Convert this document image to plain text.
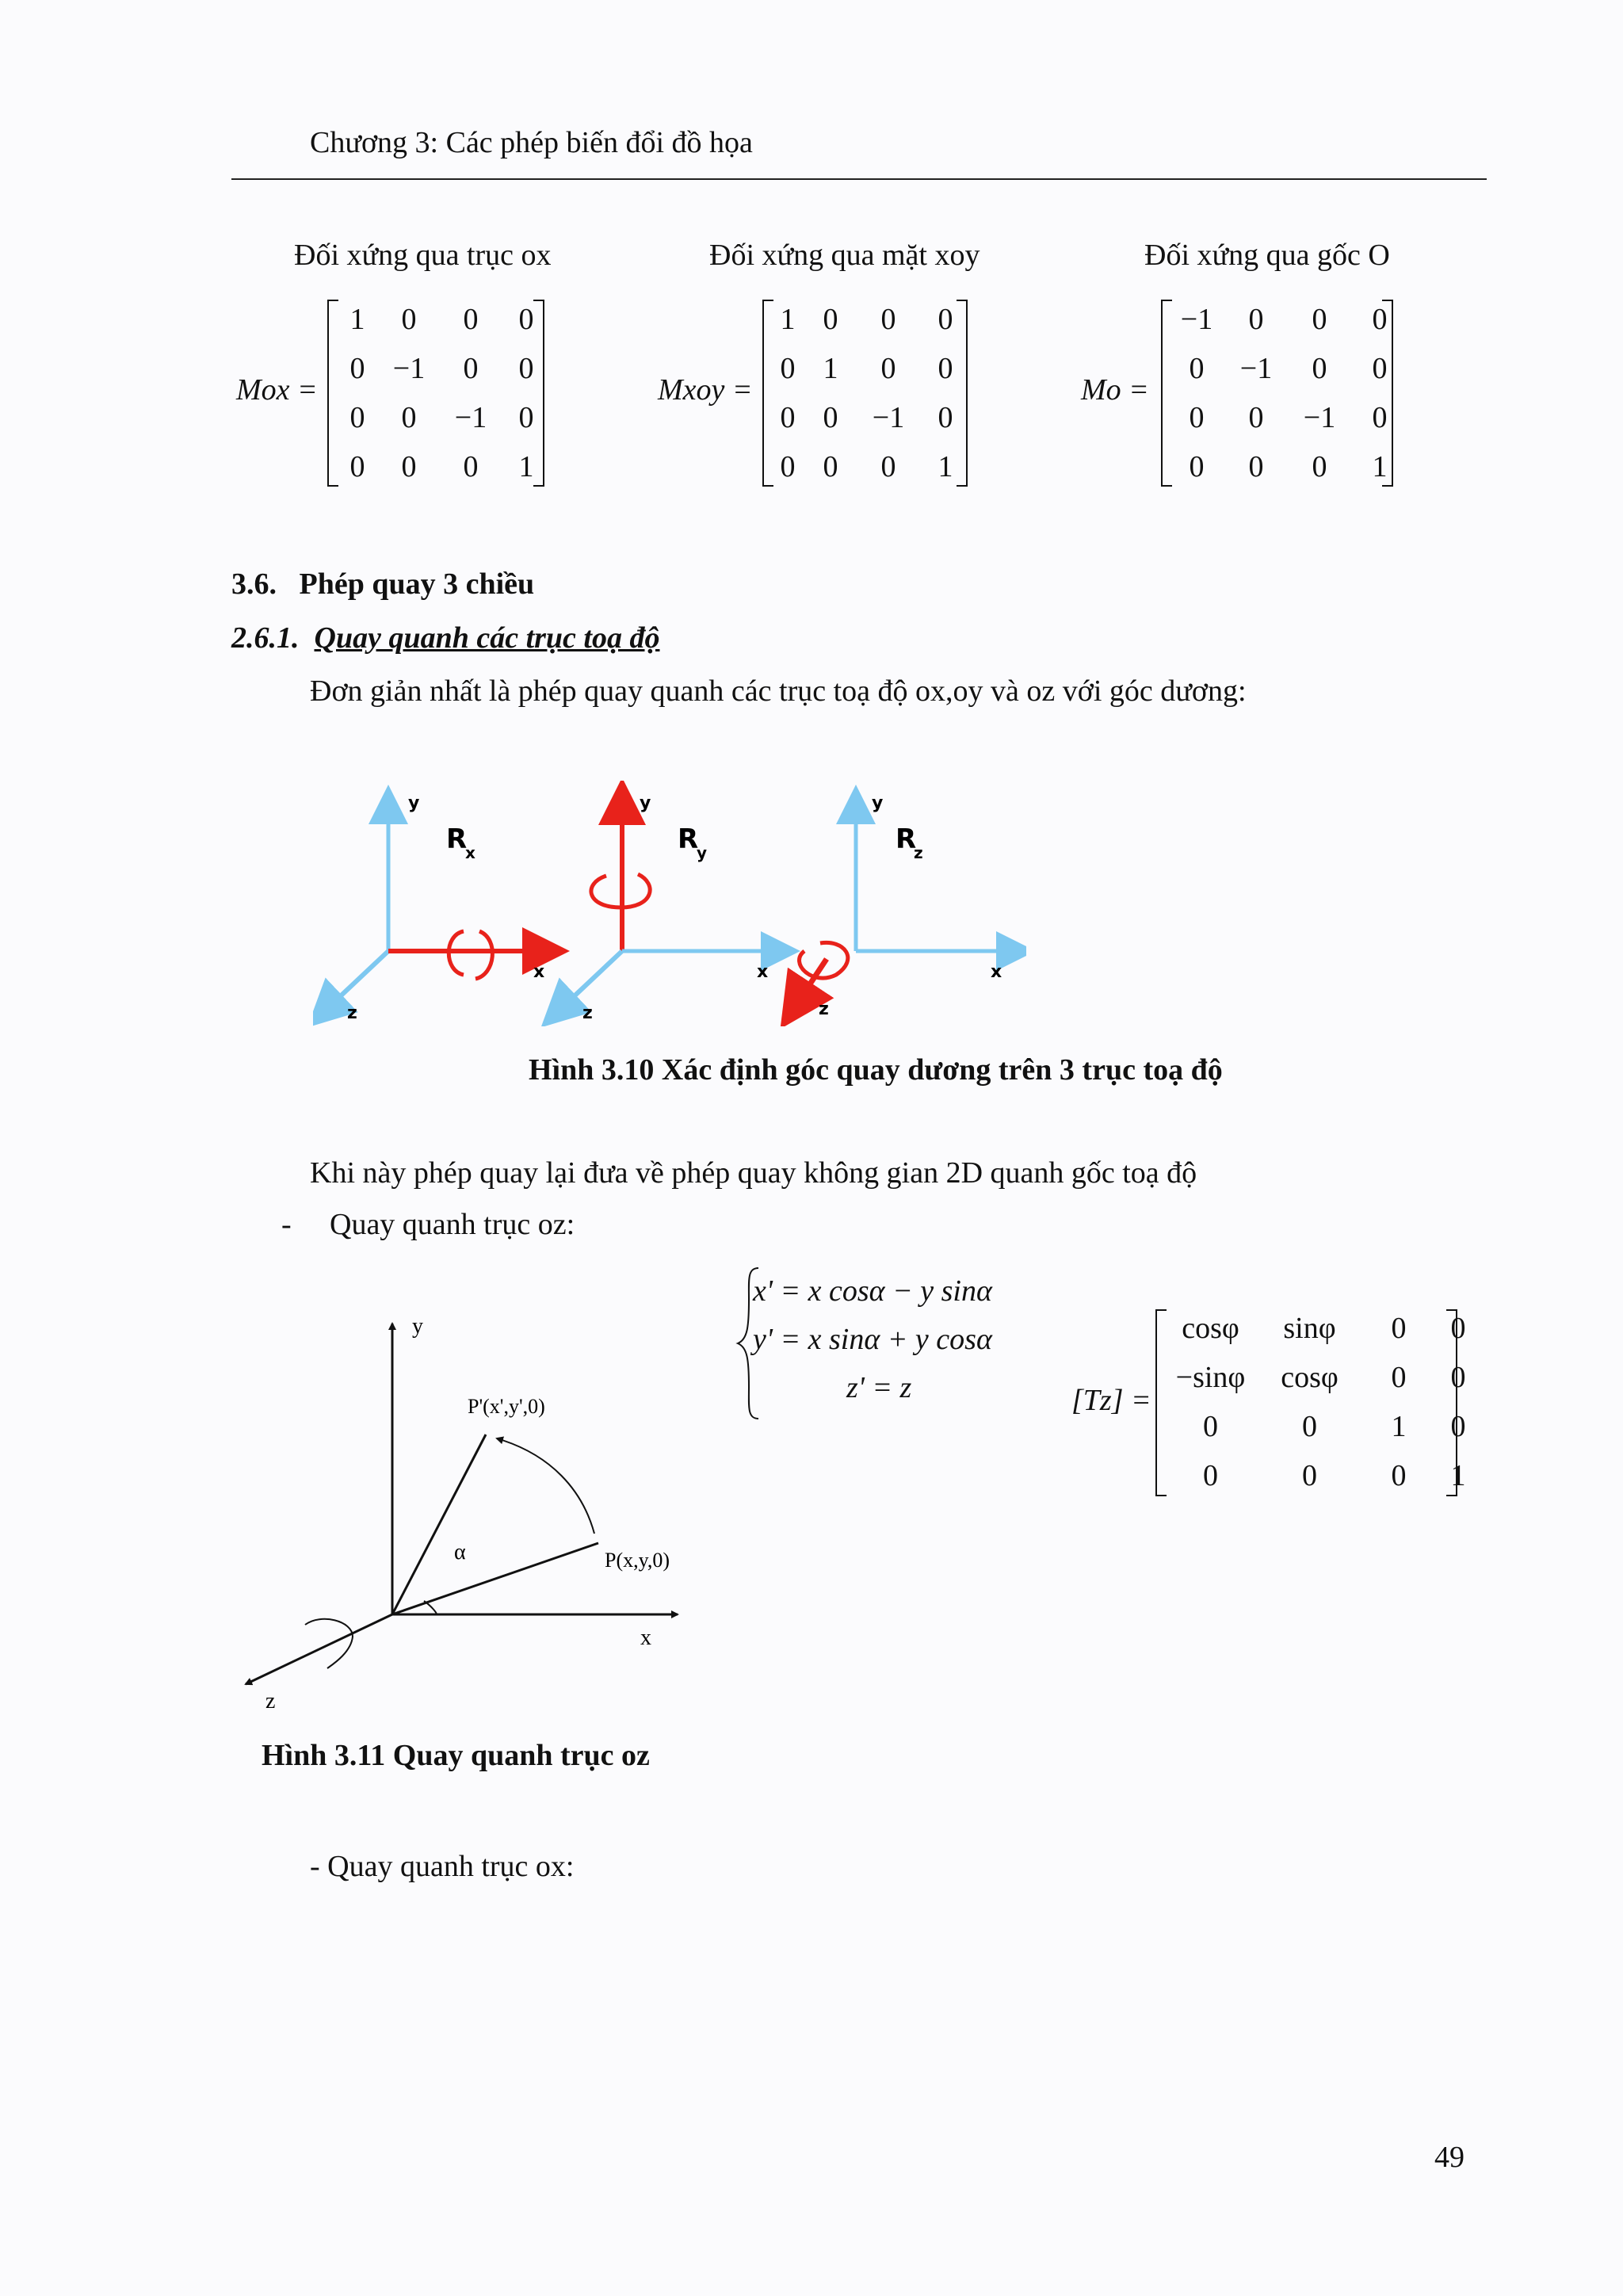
Chương 3: Các phép biến đổi đồ họa
Đối xứng qua trục ox	Đối xứng qua mặt xoy	Đối xứng qua gốc O
Mox =
1	0	0	0
0 −1	0	0
0	0	−1	0
0	0	0	1
Mxoy =
1 0	0	0
0 1	0	0
0 0	−1	0
0 0	0	1
Mo =
−1	0	0	0
0	−1	0	0
0	0	−1	0
0	0	0	1
3.6. Phép quay 3 chiều
2.6.1. Quay quanh các trục toạ độ
Đơn giản nhất là phép quay quanh các trục toạ độ ox,oy và oz với góc dương:
y
x
z
R
x
y
x
z
R
y
y
x
z
R
z
Hình 3.10 Xác định góc quay dương trên 3 trục toạ độ
Khi này phép quay lại đưa về phép quay không gian 2D quanh gốc toạ độ
- Quay quanh trục oz:
y
x
z
P'(x',y',0)
P(x,y,0)
α
Hình 3.11 Quay quanh trục oz
x' = x cosα − y sinα
y' = x sinα + y cosα
z' = z	[Tz] =
cosφ	sinφ	0	0
−sinφ	cosφ	0	0
0	0	1	0
0	0	0	1
- Quay quanh trục ox:
49
